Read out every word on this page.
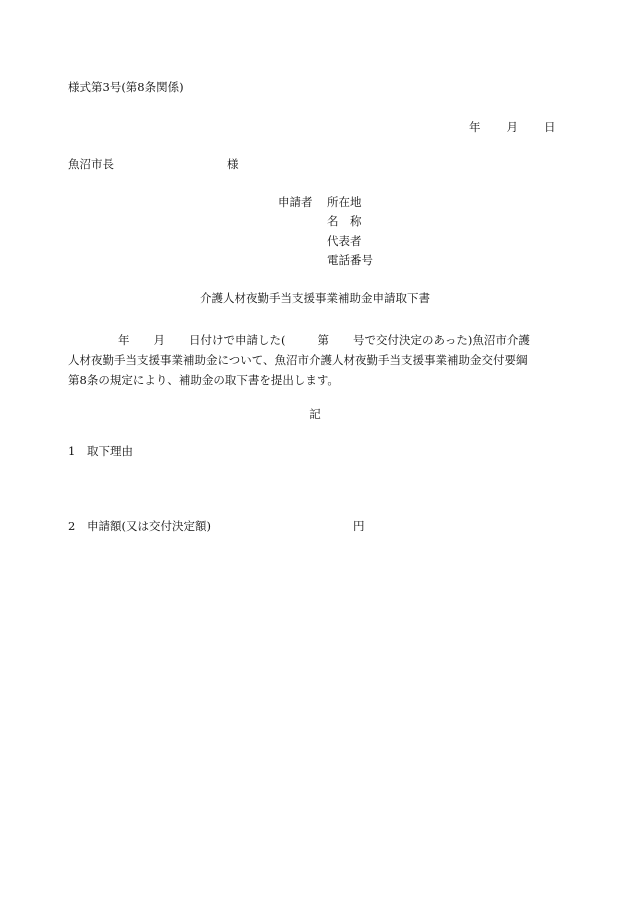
様式第3号(第8条関係)
年 月 日
魚沼市長	様
申請者 所在地
名　称
代表者
電話番号
介護人材夜勤手当支援事業補助金申請取下書
年 月 日付けで申請した(	第 号で交付決定のあった)魚沼市介護
人材夜勤手当支援事業補助金について、魚沼市介護人材夜勤手当支援事業補助金交付要綱
第8条の規定により、補助金の取下書を提出します。
記
1 取下理由
2 申請額(又は交付決定額)	円
